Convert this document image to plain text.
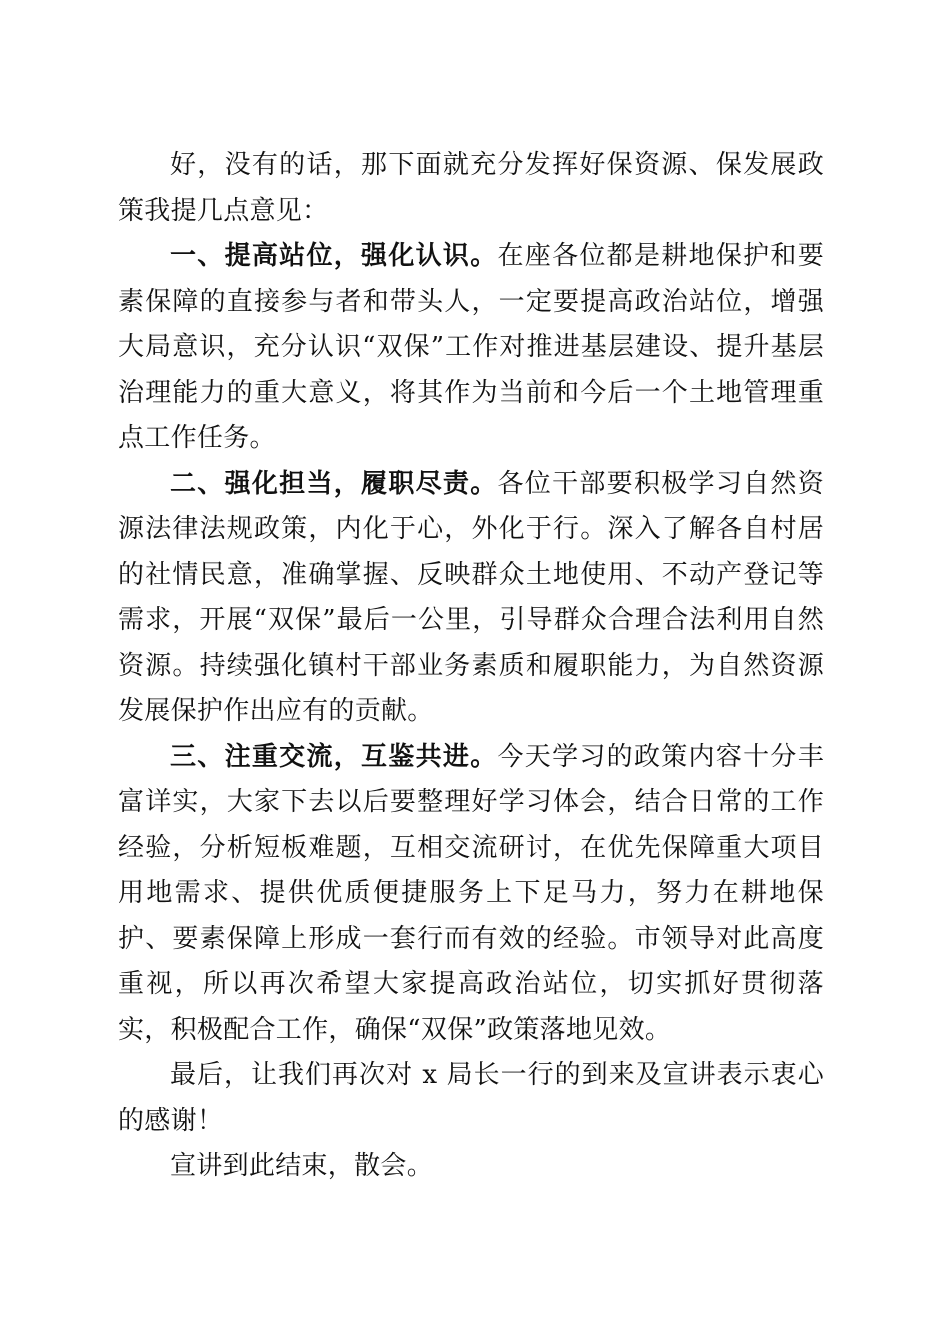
好，没有的话，那下面就充分发挥好保资源、保发展政策我提几点意见：

一、提高站位，强化认识。在座各位都是耕地保护和要素保障的直接参与者和带头人，一定要提高政治站位，增强大局意识，充分认识“双保”工作对推进基层建设、提升基层治理能力的重大意义，将其作为当前和今后一个土地管理重点工作任务。

二、强化担当，履职尽责。各位干部要积极学习自然资源法律法规政策，内化于心，外化于行。深入了解各自村居的社情民意，准确掌握、反映群众土地使用、不动产登记等需求，开展“双保”最后一公里，引导群众合理合法利用自然资源。持续强化镇村干部业务素质和履职能力，为自然资源发展保护作出应有的贡献。

三、注重交流，互鉴共进。今天学习的政策内容十分丰富详实，大家下去以后要整理好学习体会，结合日常的工作经验，分析短板难题，互相交流研讨，在优先保障重大项目用地需求、提供优质便捷服务上下足马力，努力在耕地保护、要素保障上形成一套行而有效的经验。市领导对此高度重视，所以再次希望大家提高政治站位，切实抓好贯彻落实，积极配合工作，确保“双保”政策落地见效。

最后，让我们再次对 x 局长一行的到来及宣讲表示衷心的感谢！

宣讲到此结束，散会。
